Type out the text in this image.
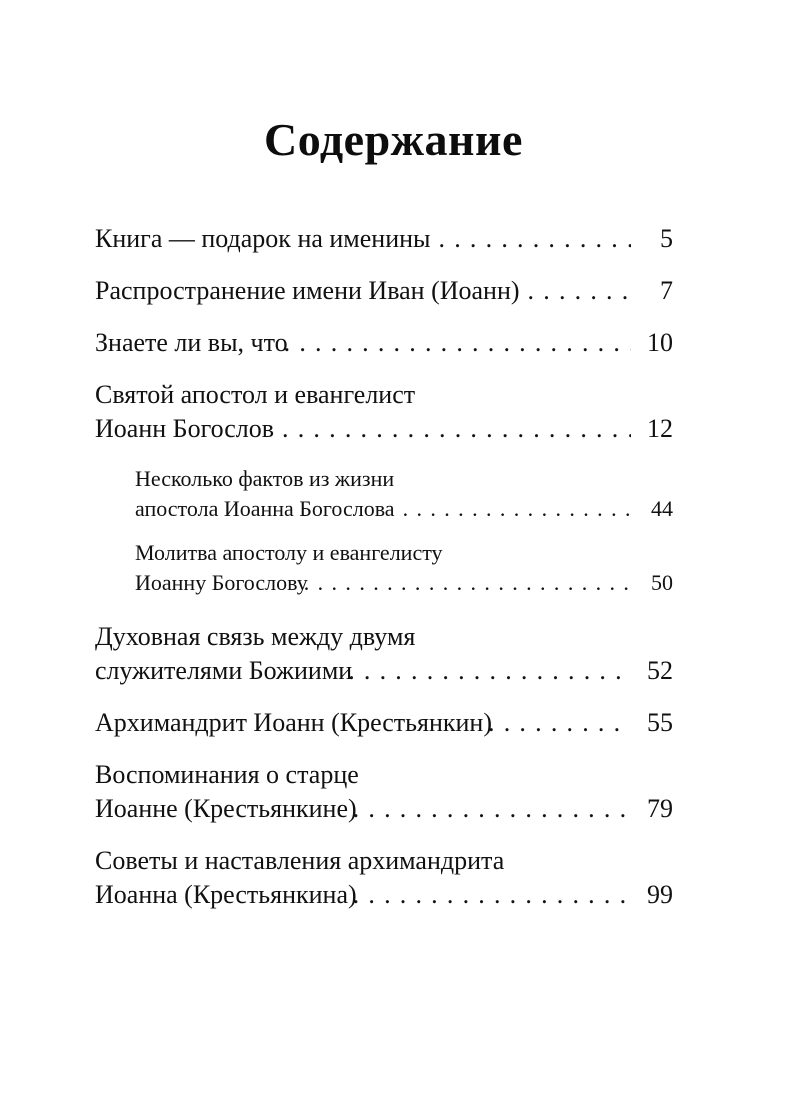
Содержание
Книга — подарок на именины .....	5
Распространение имени Иван (Иоанн) .....	7
Знаете ли вы, что .....	10
Святой апостол и евангелист
Иоанн Богослов .....	12
Несколько фактов из жизни
апостола Иоанна Богослова .....	44
Молитва апостолу и евангелисту
Иоанну Богослову .....	50
Духовная связь между двумя
служителями Божиими .....	52
Архимандрит Иоанн (Крестьянкин) .....	55
Воспоминания о старце
Иоанне (Крестьянкине) .....	79
Советы и наставления архимандрита
Иоанна (Крестьянкина) .....	99
